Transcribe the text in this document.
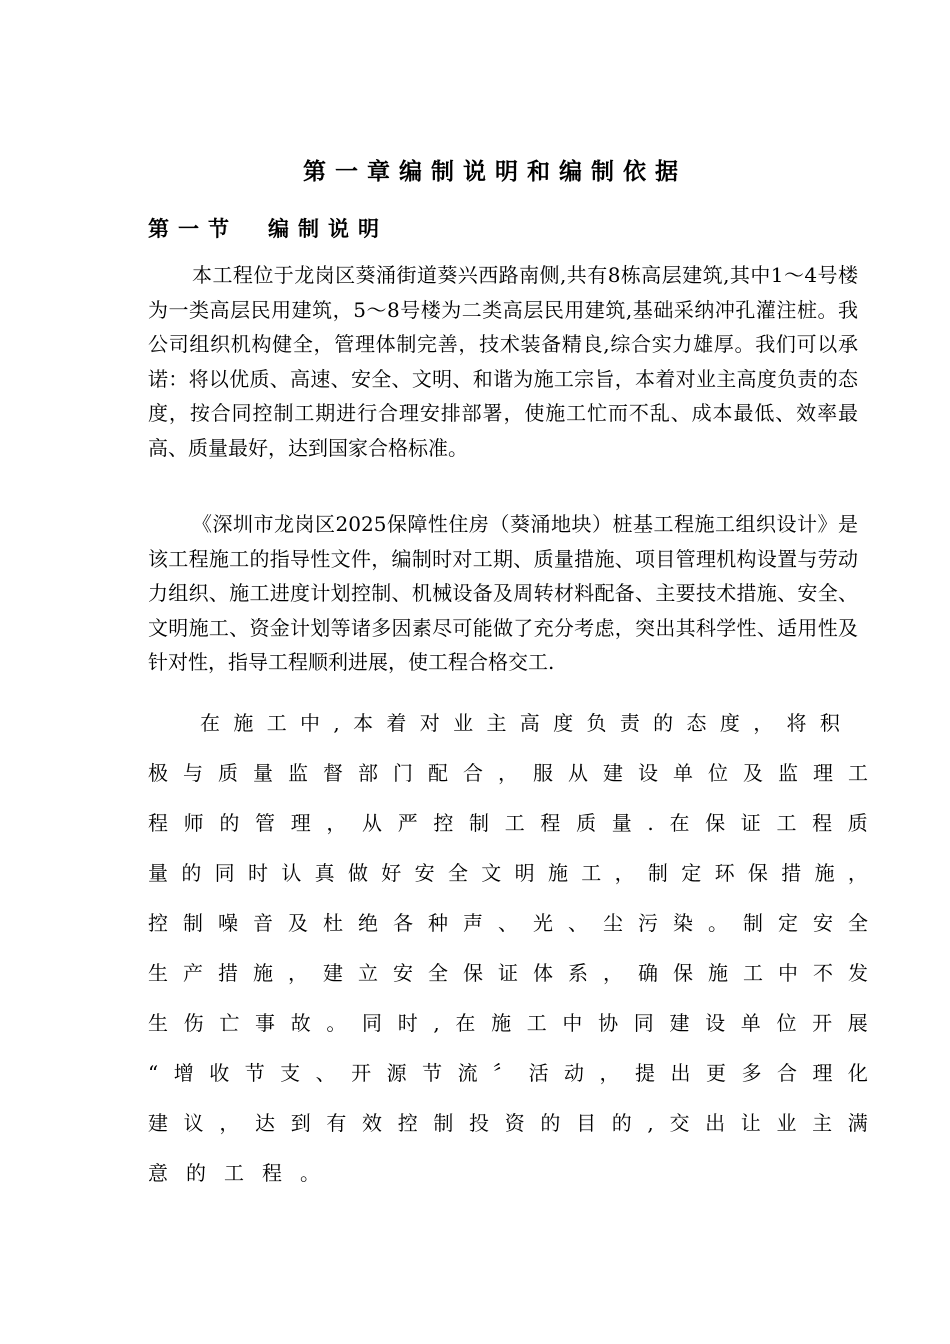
第一章编制说明和编制依据
第一节 编制说明

本工程位于龙岗区葵涌街道葵兴西路南侧,共有8栋高层建筑,其中1～4号楼为一类高层民用建筑，5～8号楼为二类高层民用建筑,基础采纳冲孔灌注桩。我公司组织机构健全，管理体制完善，技术装备精良,综合实力雄厚。我们可以承诺：将以优质、高速、安全、文明、和谐为施工宗旨，本着对业主高度负责的态度，按合同控制工期进行合理安排部署，使施工忙而不乱、成本最低、效率最高、质量最好，达到国家合格标准。

《深圳市龙岗区2025保障性住房（葵涌地块）桩基工程施工组织设计》是该工程施工的指导性文件，编制时对工期、质量措施、项目管理机构设置与劳动力组织、施工进度计划控制、机械设备及周转材料配备、主要技术措施、安全、文明施工、资金计划等诸多因素尽可能做了充分考虑，突出其科学性、适用性及针对性，指导工程顺利进展，使工程合格交工.

在 施 工 中 , 本 着 对 业 主 高 度 负 责 的 态 度 ， 将 积
极 与 质 量 监 督 部 门 配 合 ， 服 从 建 设 单 位 及 监 理 工
程 师 的 管 理 ， 从 严 控 制 工 程 质 量 . 在 保 证 工 程 质
量 的 同 时 认 真 做 好 安 全 文 明 施 工 ， 制 定 环 保 措 施 ，
控 制 噪 音 及 杜 绝 各 种 声 、 光 、 尘 污 染 。 制 定 安 全
生 产 措 施 ， 建 立 安 全 保 证 体 系 ， 确 保 施 工 中 不 发
生 伤 亡 事 故 。 同 时 , 在 施 工 中 协 同 建 设 单 位 开 展
“ 增 收 节 支 、 开 源 节 流 〞 活 动 ， 提 出 更 多 合 理 化
建 议 ， 达 到 有 效 控 制 投 资 的 目 的 , 交 出 让 业 主 满
意 的 工 程 。
